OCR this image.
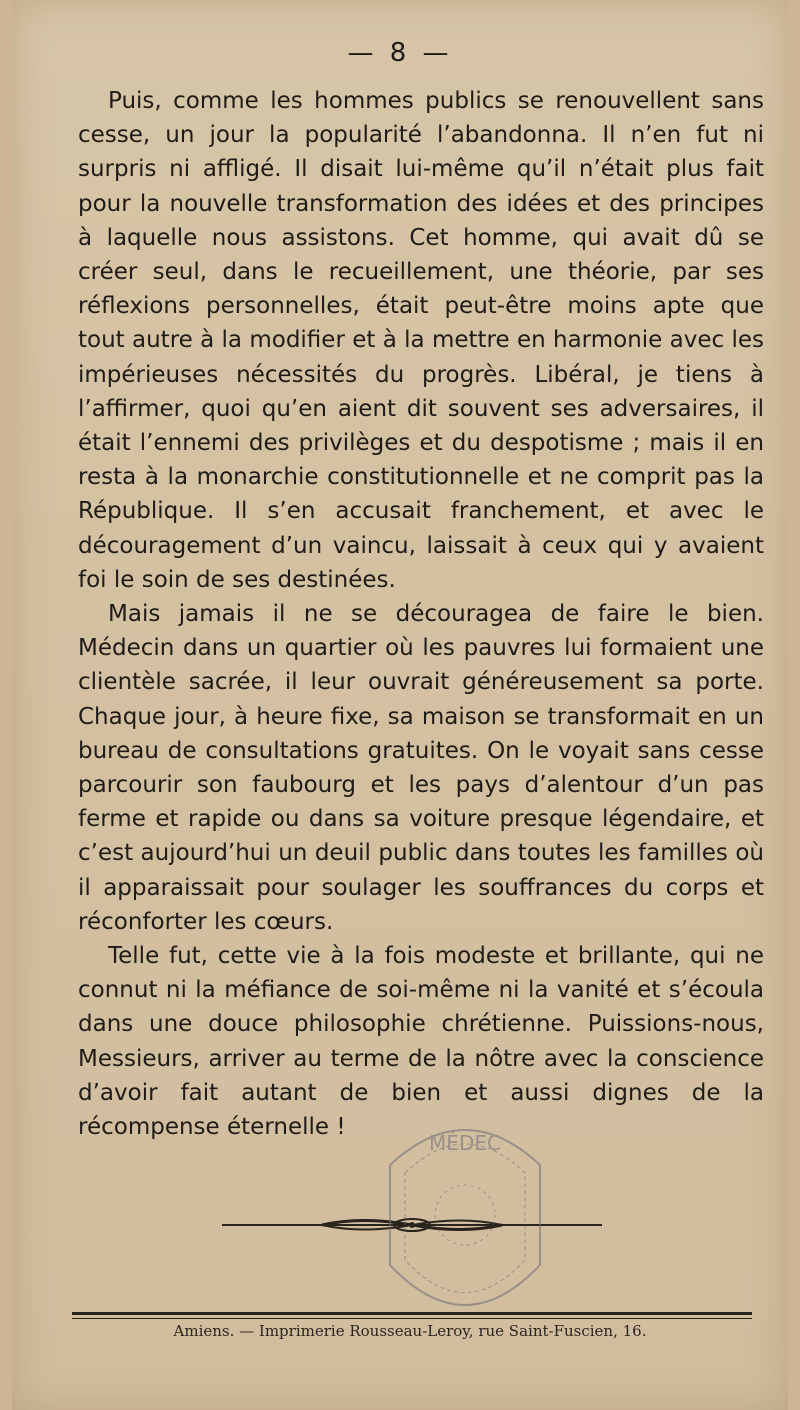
— 8 —

Puis, comme les hommes publics se renouvellent sans cesse, un jour la popularité l’abandonna. Il n’en fut ni surpris ni affligé. Il disait lui-même qu’il n’était plus fait pour la nouvelle transformation des idées et des principes à laquelle nous assistons. Cet homme, qui avait dû se créer seul, dans le recueillement, une théorie, par ses réflexions personnelles, était peut-être moins apte que tout autre à la modifier et à la mettre en harmonie avec les impérieuses nécessités du progrès. Libéral, je tiens à l’affirmer, quoi qu’en aient dit souvent ses adversaires, il était l’ennemi des privilèges et du despotisme ; mais il en resta à la monarchie constitutionnelle et ne comprit pas la République. Il s’en accusait franchement, et avec le découragement d’un vaincu, laissait à ceux qui y avaient foi le soin de ses destinées.

Mais jamais il ne se découragea de faire le bien. Médecin dans un quartier où les pauvres lui formaient une clientèle sacrée, il leur ouvrait généreusement sa porte. Chaque jour, à heure fixe, sa maison se transformait en un bureau de consultations gratuites. On le voyait sans cesse parcourir son faubourg et les pays d’alentour d’un pas ferme et rapide ou dans sa voiture presque légendaire, et c’est aujourd’hui un deuil public dans toutes les familles où il apparaissait pour soulager les souffrances du corps et réconforter les cœurs.

Telle fut, cette vie à la fois modeste et brillante, qui ne connut ni la méfiance de soi-même ni la vanité et s’écoula dans une douce philosophie chrétienne. Puissions-nous, Messieurs, arriver au terme de la nôtre avec la conscience d’avoir fait autant de bien et aussi dignes de la récompense éternelle !

MÉDEC
Amiens. — Imprimerie Rousseau-Leroy, rue Saint-Fuscien, 16.
